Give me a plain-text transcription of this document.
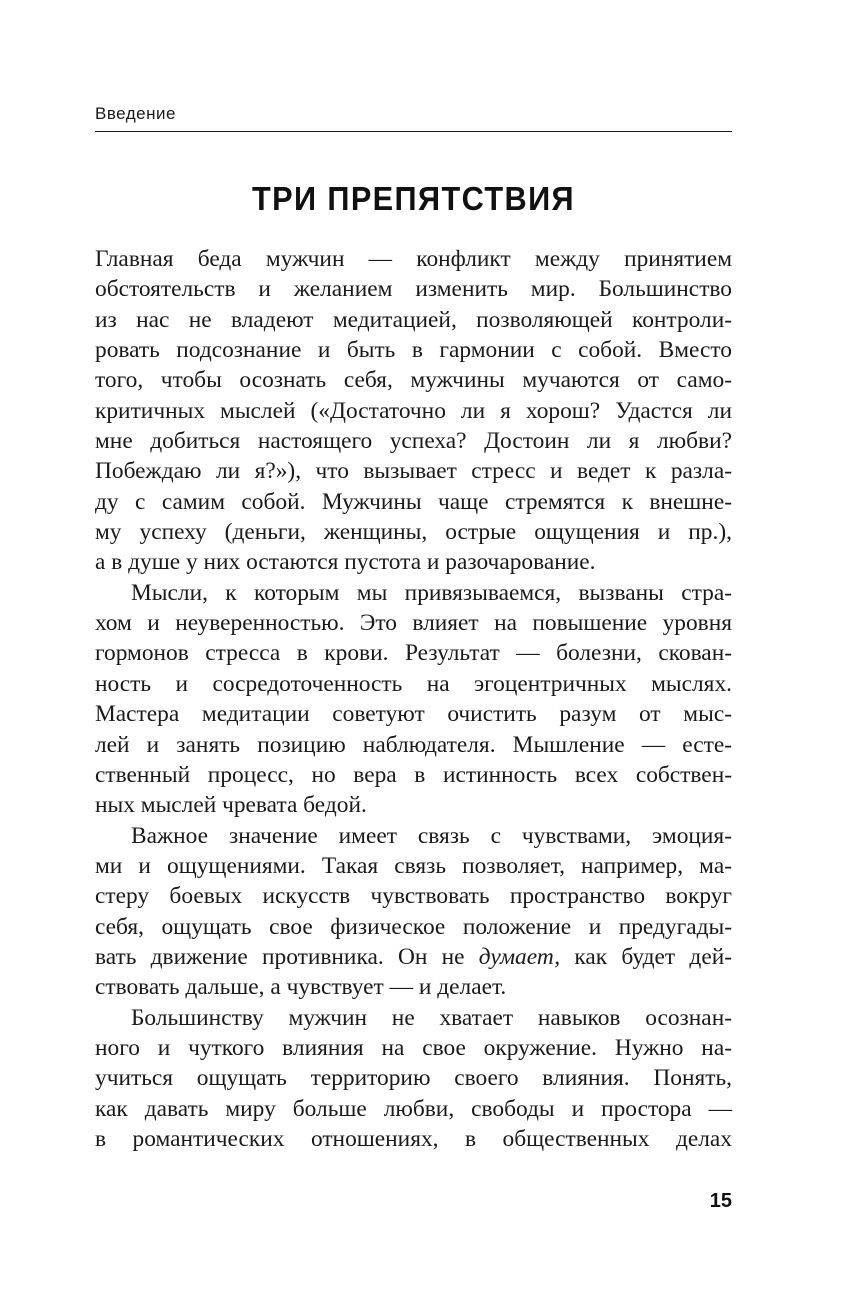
Введение
ТРИ ПРЕПЯТСТВИЯ
Главная беда мужчин — конфликт между принятием
обстоятельств и желанием изменить мир. Большинство
из нас не владеют медитацией, позволяющей контроли-
ровать подсознание и быть в гармонии с собой. Вместо
того, чтобы осознать себя, мужчины мучаются от само-
критичных мыслей («Достаточно ли я хорош? Удастся ли
мне добиться настоящего успеха? Достоин ли я любви?
Побеждаю ли я?»), что вызывает стресс и ведет к разла-
ду с самим собой. Мужчины чаще стремятся к внешне-
му успеху (деньги, женщины, острые ощущения и пр.),
а в душе у них остаются пустота и разочарование.
Мысли, к которым мы привязываемся, вызваны стра-
хом и неуверенностью. Это влияет на повышение уровня
гормонов стресса в крови. Результат — болезни, скован-
ность и сосредоточенность на эгоцентричных мыслях.
Мастера медитации советуют очистить разум от мыс-
лей и занять позицию наблюдателя. Мышление — есте-
ственный процесс, но вера в истинность всех собствен-
ных мыслей чревата бедой.
Важное значение имеет связь с чувствами, эмоция-
ми и ощущениями. Такая связь позволяет, например, ма-
стеру боевых искусств чувствовать пространство вокруг
себя, ощущать свое физическое положение и предугады-
вать движение противника. Он не думает, как будет дей-
ствовать дальше, а чувствует — и делает.
Большинству мужчин не хватает навыков осознан-
ного и чуткого влияния на свое окружение. Нужно на-
учиться ощущать территорию своего влияния. Понять,
как давать миру больше любви, свободы и простора —
в романтических отношениях, в общественных делах
15
